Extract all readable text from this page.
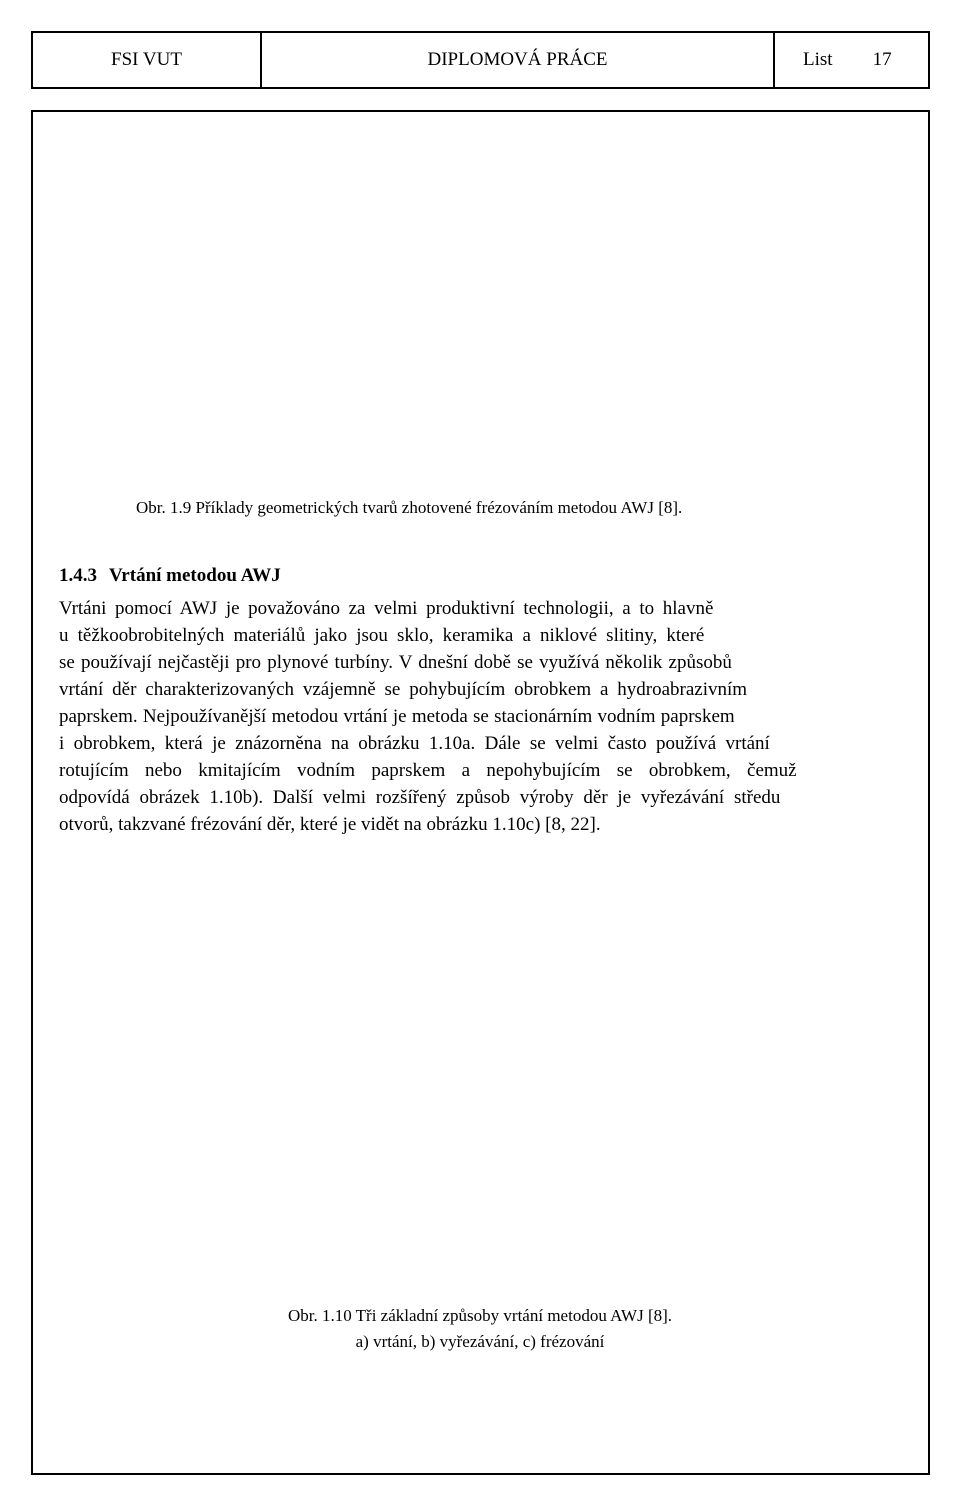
FSI VUT	DIPLOMOVÁ PRÁCE	List 17
Obr. 1.9 Příklady geometrických tvarů zhotovené frézováním metodou AWJ [8].
1.4.3 Vrtání metodou AWJ
Vrtáni pomocí AWJ je považováno za velmi produktivní technologii, a to hlavně
u těžkoobrobitelných materiálů jako jsou sklo, keramika a niklové slitiny, které
se používají nejčastěji pro plynové turbíny. V dnešní době se využívá několik způsobů
vrtání děr charakterizovaných vzájemně se pohybujícím obrobkem a hydroabrazivním
paprskem. Nejpoužívanější metodou vrtání je metoda se stacionárním vodním paprskem
i obrobkem, která je znázorněna na obrázku 1.10a. Dále se velmi často používá vrtání
rotujícím nebo kmitajícím vodním paprskem a nepohybujícím se obrobkem, čemuž
odpovídá obrázek 1.10b). Další velmi rozšířený způsob výroby děr je vyřezávání středu
otvorů, takzvané frézování děr, které je vidět na obrázku 1.10c) [8, 22].
Obr. 1.10 Tři základní způsoby vrtání metodou AWJ [8].
a) vrtání, b) vyřezávání, c) frézování
